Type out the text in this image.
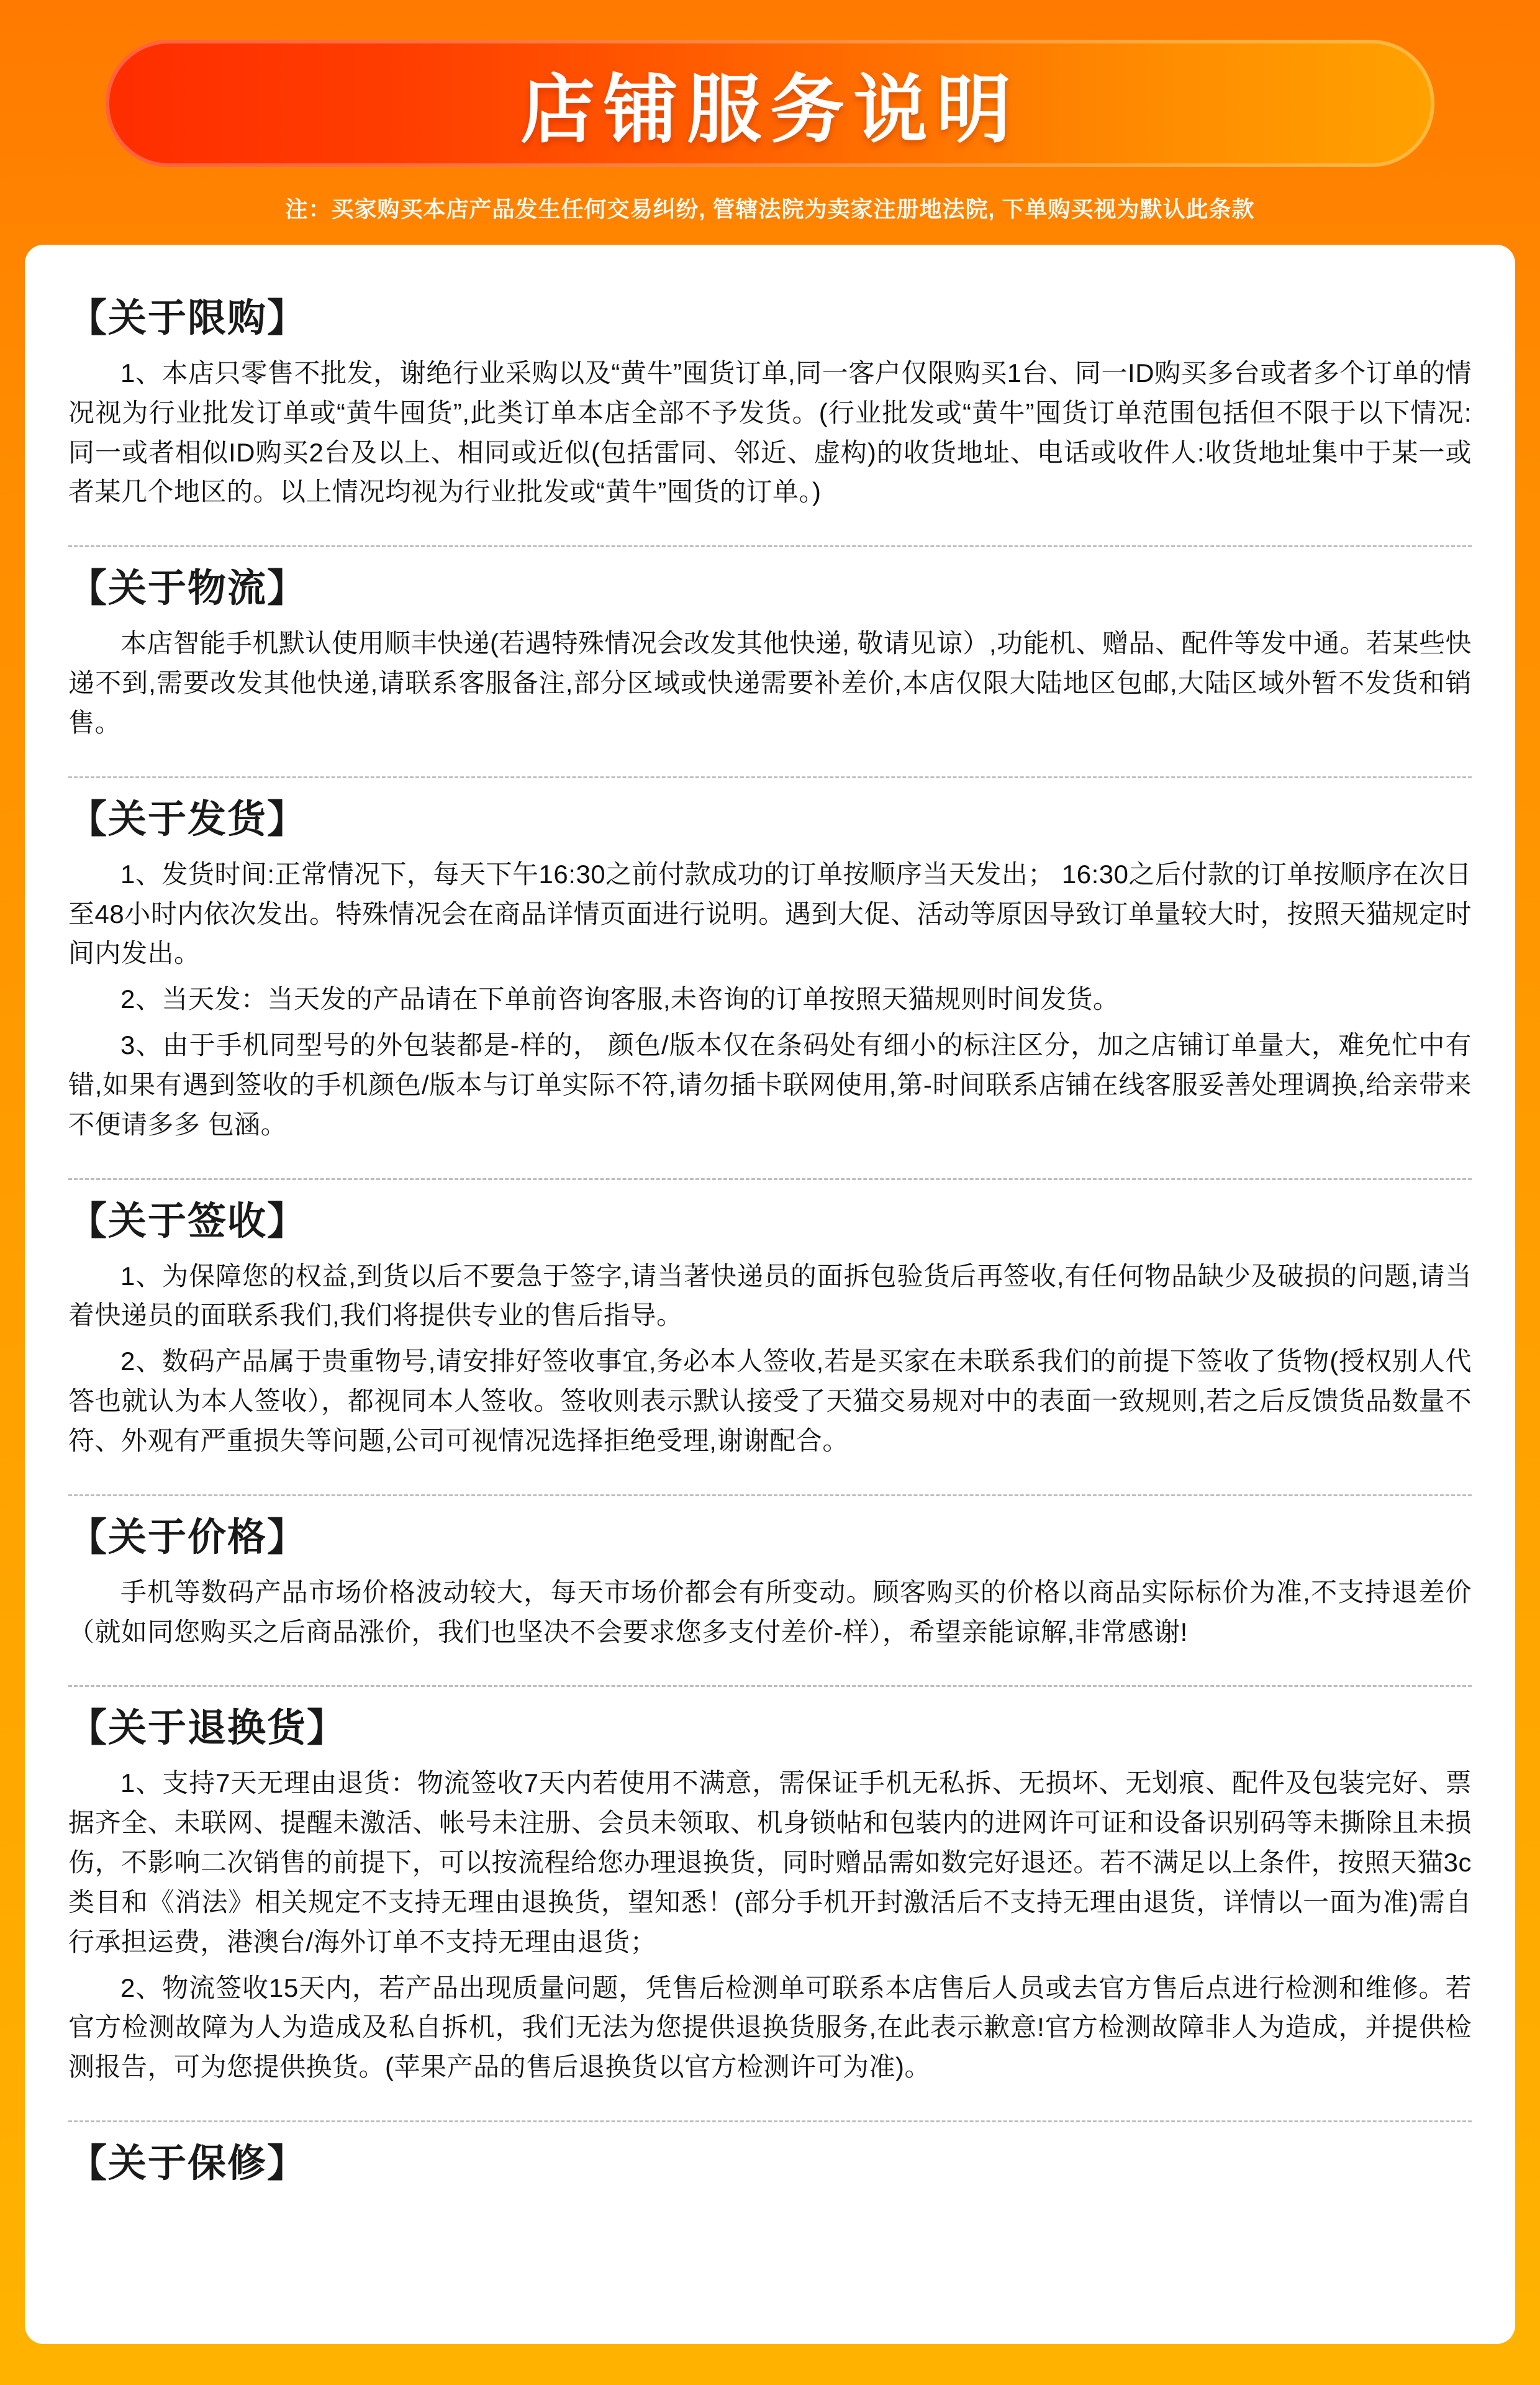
店铺服务说明
注：买家购买本店产品发生任何交易纠纷, 管辖法院为卖家注册地法院, 下单购买视为默认此条款
【关于限购】

1、本店只零售不批发，谢绝行业采购以及“黄牛”囤货订单,同一客户仅限购买1台、同一ID购买多台或者多个订单的情况视为行业批发订单或“黄牛囤货”,此类订单本店全部不予发货。(行业批发或“黄牛”囤货订单范围包括但不限于以下情况:同一或者相似ID购买2台及以上、相同或近似(包括雷同、邻近、虚构)的收货地址、电话或收件人:收货地址集中于某一或者某几个地区的。以上情况均视为行业批发或“黄牛”囤货的订单。)

【关于物流】

本店智能手机默认使用顺丰快递(若遇特殊情况会改发其他快递, 敬请见谅）,功能机、赠品、配件等发中通。若某些快递不到,需要改发其他快递,请联系客服备注,部分区域或快递需要补差价,本店仅限大陆地区包邮,大陆区域外暂不发货和销售。

【关于发货】

1、发货时间:正常情况下，每天下午16:30之前付款成功的订单按顺序当天发出； 16:30之后付款的订单按顺序在次日至48小时内依次发出。特殊情况会在商品详情页面进行说明。遇到大促、活动等原因导致订单量较大时，按照天猫规定时间内发出。

2、当天发：当天发的产品请在下单前咨询客服,未咨询的订单按照天猫规则时间发货。

3、由于手机同型号的外包装都是-样的， 颜色/版本仅在条码处有细小的标注区分，加之店铺订单量大，难免忙中有错,如果有遇到签收的手机颜色/版本与订单实际不符,请勿插卡联网使用,第-时间联系店铺在线客服妥善处理调换,给亲带来不便请多多 包涵。

【关于签收】

1、为保障您的权益,到货以后不要急于签字,请当著快递员的面拆包验货后再签收,有任何物品缺少及破损的问题,请当着快递员的面联系我们,我们将提供专业的售后指导。

2、数码产品属于贵重物号,请安排好签收事宜,务必本人签收,若是买家在未联系我们的前提下签收了货物(授权别人代答也就认为本人签收），都视同本人签收。签收则表示默认接受了天猫交易规对中的表面一致规则,若之后反馈货品数量不符、外观有严重损失等问题,公司可视情况选择拒绝受理,谢谢配合。

【关于价格】

手机等数码产品市场价格波动较大，每天市场价都会有所变动。顾客购买的价格以商品实际标价为准,不支持退差价（就如同您购买之后商品涨价，我们也坚决不会要求您多支付差价-样），希望亲能谅解,非常感谢!

【关于退换货】

1、支持7天无理由退货：物流签收7天内若使用不满意，需保证手机无私拆、无损坏、无划痕、配件及包装完好、票据齐全、未联网、提醒未激活、帐号未注册、会员未领取、机身锁帖和包装内的进网许可证和设备识别码等未撕除且未损伤，不影响二次销售的前提下，可以按流程给您办理退换货，同时赠品需如数完好退还。若不满足以上条件，按照天猫3c类目和《消法》相关规定不支持无理由退换货，望知悉！(部分手机开封激活后不支持无理由退货，详情以一面为准)需自行承担运费，港澳台/海外订单不支持无理由退货；

2、物流签收15天内，若产品出现质量问题，凭售后检测单可联系本店售后人员或去官方售后点进行检测和维修。若官方检测故障为人为造成及私自拆机，我们无法为您提供退换货服务,在此表示歉意!官方检测故障非人为造成，并提供检测报告，可为您提供换货。(苹果产品的售后退换货以官方检测许可为准)。

【关于保修】
